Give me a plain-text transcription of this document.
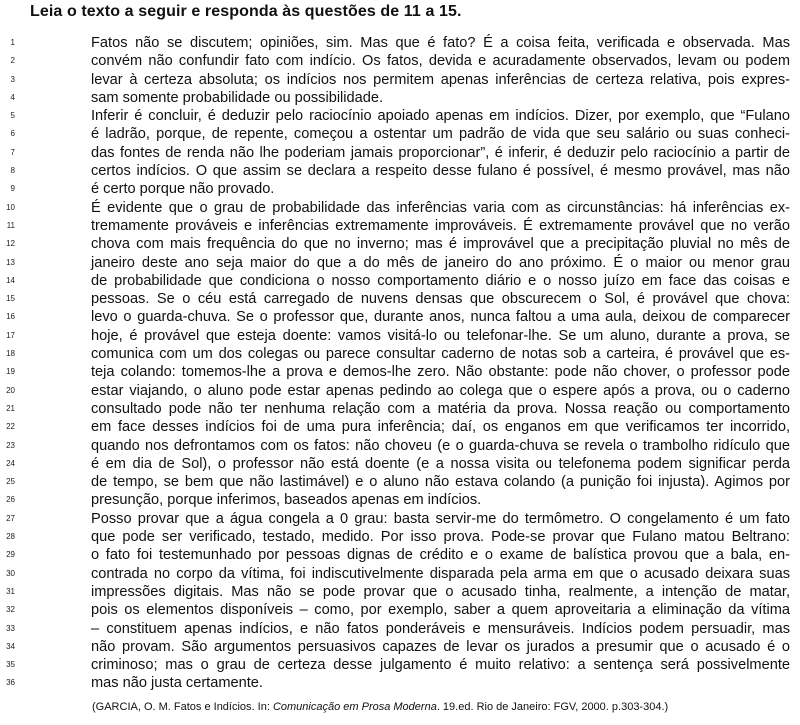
Leia o texto a seguir e responda às questões de 11 a 15.
1	Fatos não se discutem; opiniões, sim. Mas que é fato? É a coisa feita, verificada e observada. Mas
2	convém não confundir fato com indício. Os fatos, devida e acuradamente observados, levam ou podem
3	levar à certeza absoluta; os indícios nos permitem apenas inferências de certeza relativa, pois expres-
4	sam somente probabilidade ou possibilidade.
5	Inferir é concluir, é deduzir pelo raciocínio apoiado apenas em indícios. Dizer, por exemplo, que “Fulano
6	é ladrão, porque, de repente, começou a ostentar um padrão de vida que seu salário ou suas conheci-
7	das fontes de renda não lhe poderiam jamais proporcionar”, é inferir, é deduzir pelo raciocínio a partir de
8	certos indícios. O que assim se declara a respeito desse fulano é possível, é mesmo provável, mas não
9	é certo porque não provado.
10	É evidente que o grau de probabilidade das inferências varia com as circunstâncias: há inferências ex-
11	tremamente prováveis e inferências extremamente improváveis. É extremamente provável que no verão
12	chova com mais frequência do que no inverno; mas é improvável que a precipitação pluvial no mês de
13	janeiro deste ano seja maior do que a do mês de janeiro do ano próximo. É o maior ou menor grau
14	de probabilidade que condiciona o nosso comportamento diário e o nosso juízo em face das coisas e
15	pessoas. Se o céu está carregado de nuvens densas que obscurecem o Sol, é provável que chova:
16	levo o guarda-chuva. Se o professor que, durante anos, nunca faltou a uma aula, deixou de comparecer
17	hoje, é provável que esteja doente: vamos visitá-lo ou telefonar-lhe. Se um aluno, durante a prova, se
18	comunica com um dos colegas ou parece consultar caderno de notas sob a carteira, é provável que es-
19	teja colando: tomemos-lhe a prova e demos-lhe zero. Não obstante: pode não chover, o professor pode
20	estar viajando, o aluno pode estar apenas pedindo ao colega que o espere após a prova, ou o caderno
21	consultado pode não ter nenhuma relação com a matéria da prova. Nossa reação ou comportamento
22	em face desses indícios foi de uma pura inferência; daí, os enganos em que verificamos ter incorrido,
23	quando nos defrontamos com os fatos: não choveu (e o guarda-chuva se revela o trambolho ridículo que
24	é em dia de Sol), o professor não está doente (e a nossa visita ou telefonema podem significar perda
25	de tempo, se bem que não lastimável) e o aluno não estava colando (a punição foi injusta). Agimos por
26	presunção, porque inferimos, baseados apenas em indícios.
27	Posso provar que a água congela a 0 grau: basta servir-me do termômetro. O congelamento é um fato
28	que pode ser verificado, testado, medido. Por isso prova. Pode-se provar que Fulano matou Beltrano:
29	o fato foi testemunhado por pessoas dignas de crédito e o exame de balística provou que a bala, en-
30	contrada no corpo da vítima, foi indiscutivelmente disparada pela arma em que o acusado deixara suas
31	impressões digitais. Mas não se pode provar que o acusado tinha, realmente, a intenção de matar,
32	pois os elementos disponíveis – como, por exemplo, saber a quem aproveitaria a eliminação da vítima
33	– constituem apenas indícios, e não fatos ponderáveis e mensuráveis. Indícios podem persuadir, mas
34	não provam. São argumentos persuasivos capazes de levar os jurados a presumir que o acusado é o
35	criminoso; mas o grau de certeza desse julgamento é muito relativo: a sentença será possivelmente
36	mas não justa certamente.
(GARCIA, O. M. Fatos e Indícios. In: Comunicação em Prosa Moderna. 19.ed. Rio de Janeiro: FGV, 2000. p.303-304.)
